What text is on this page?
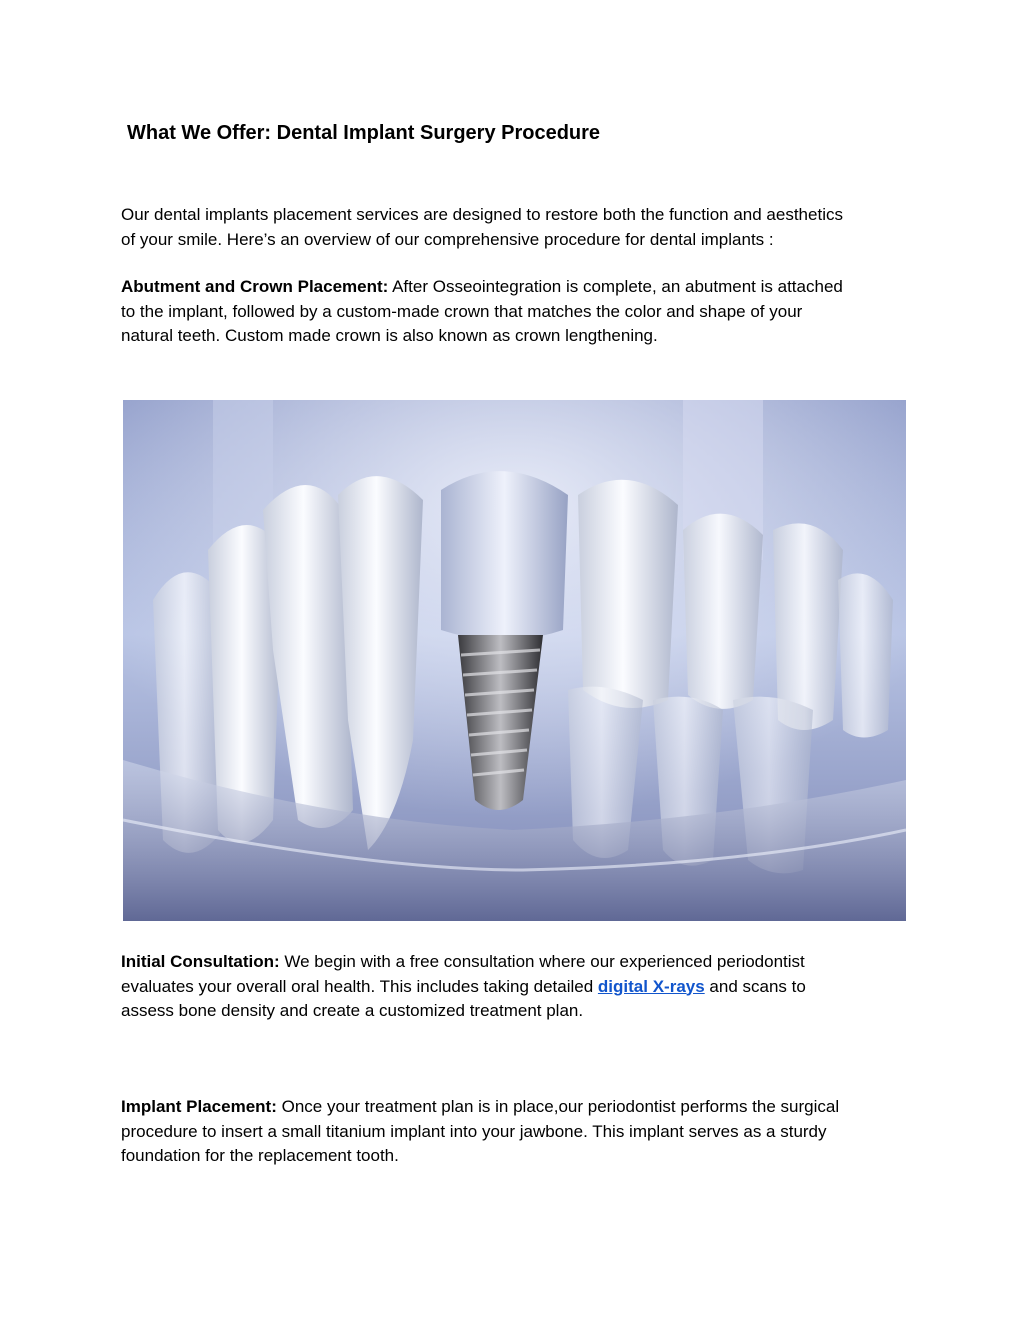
What We Offer: Dental Implant Surgery Procedure

Our dental implants placement services are designed to restore both the function and aesthetics
of your smile. Here’s an overview of our comprehensive procedure for dental implants :

Abutment and Crown Placement: After Osseointegration is complete, an abutment is attached
to the implant, followed by a custom-made crown that matches the color and shape of your
natural teeth. Custom made crown is also known as crown lengthening.

Initial Consultation: We begin with a free consultation where our experienced periodontist
evaluates your overall oral health. This includes taking detailed digital X-rays and scans to
assess bone density and create a customized treatment plan.

Implant Placement: Once your treatment plan is in place,our periodontist performs the surgical
procedure to insert a small titanium implant into your jawbone. This implant serves as a sturdy
foundation for the replacement tooth.
